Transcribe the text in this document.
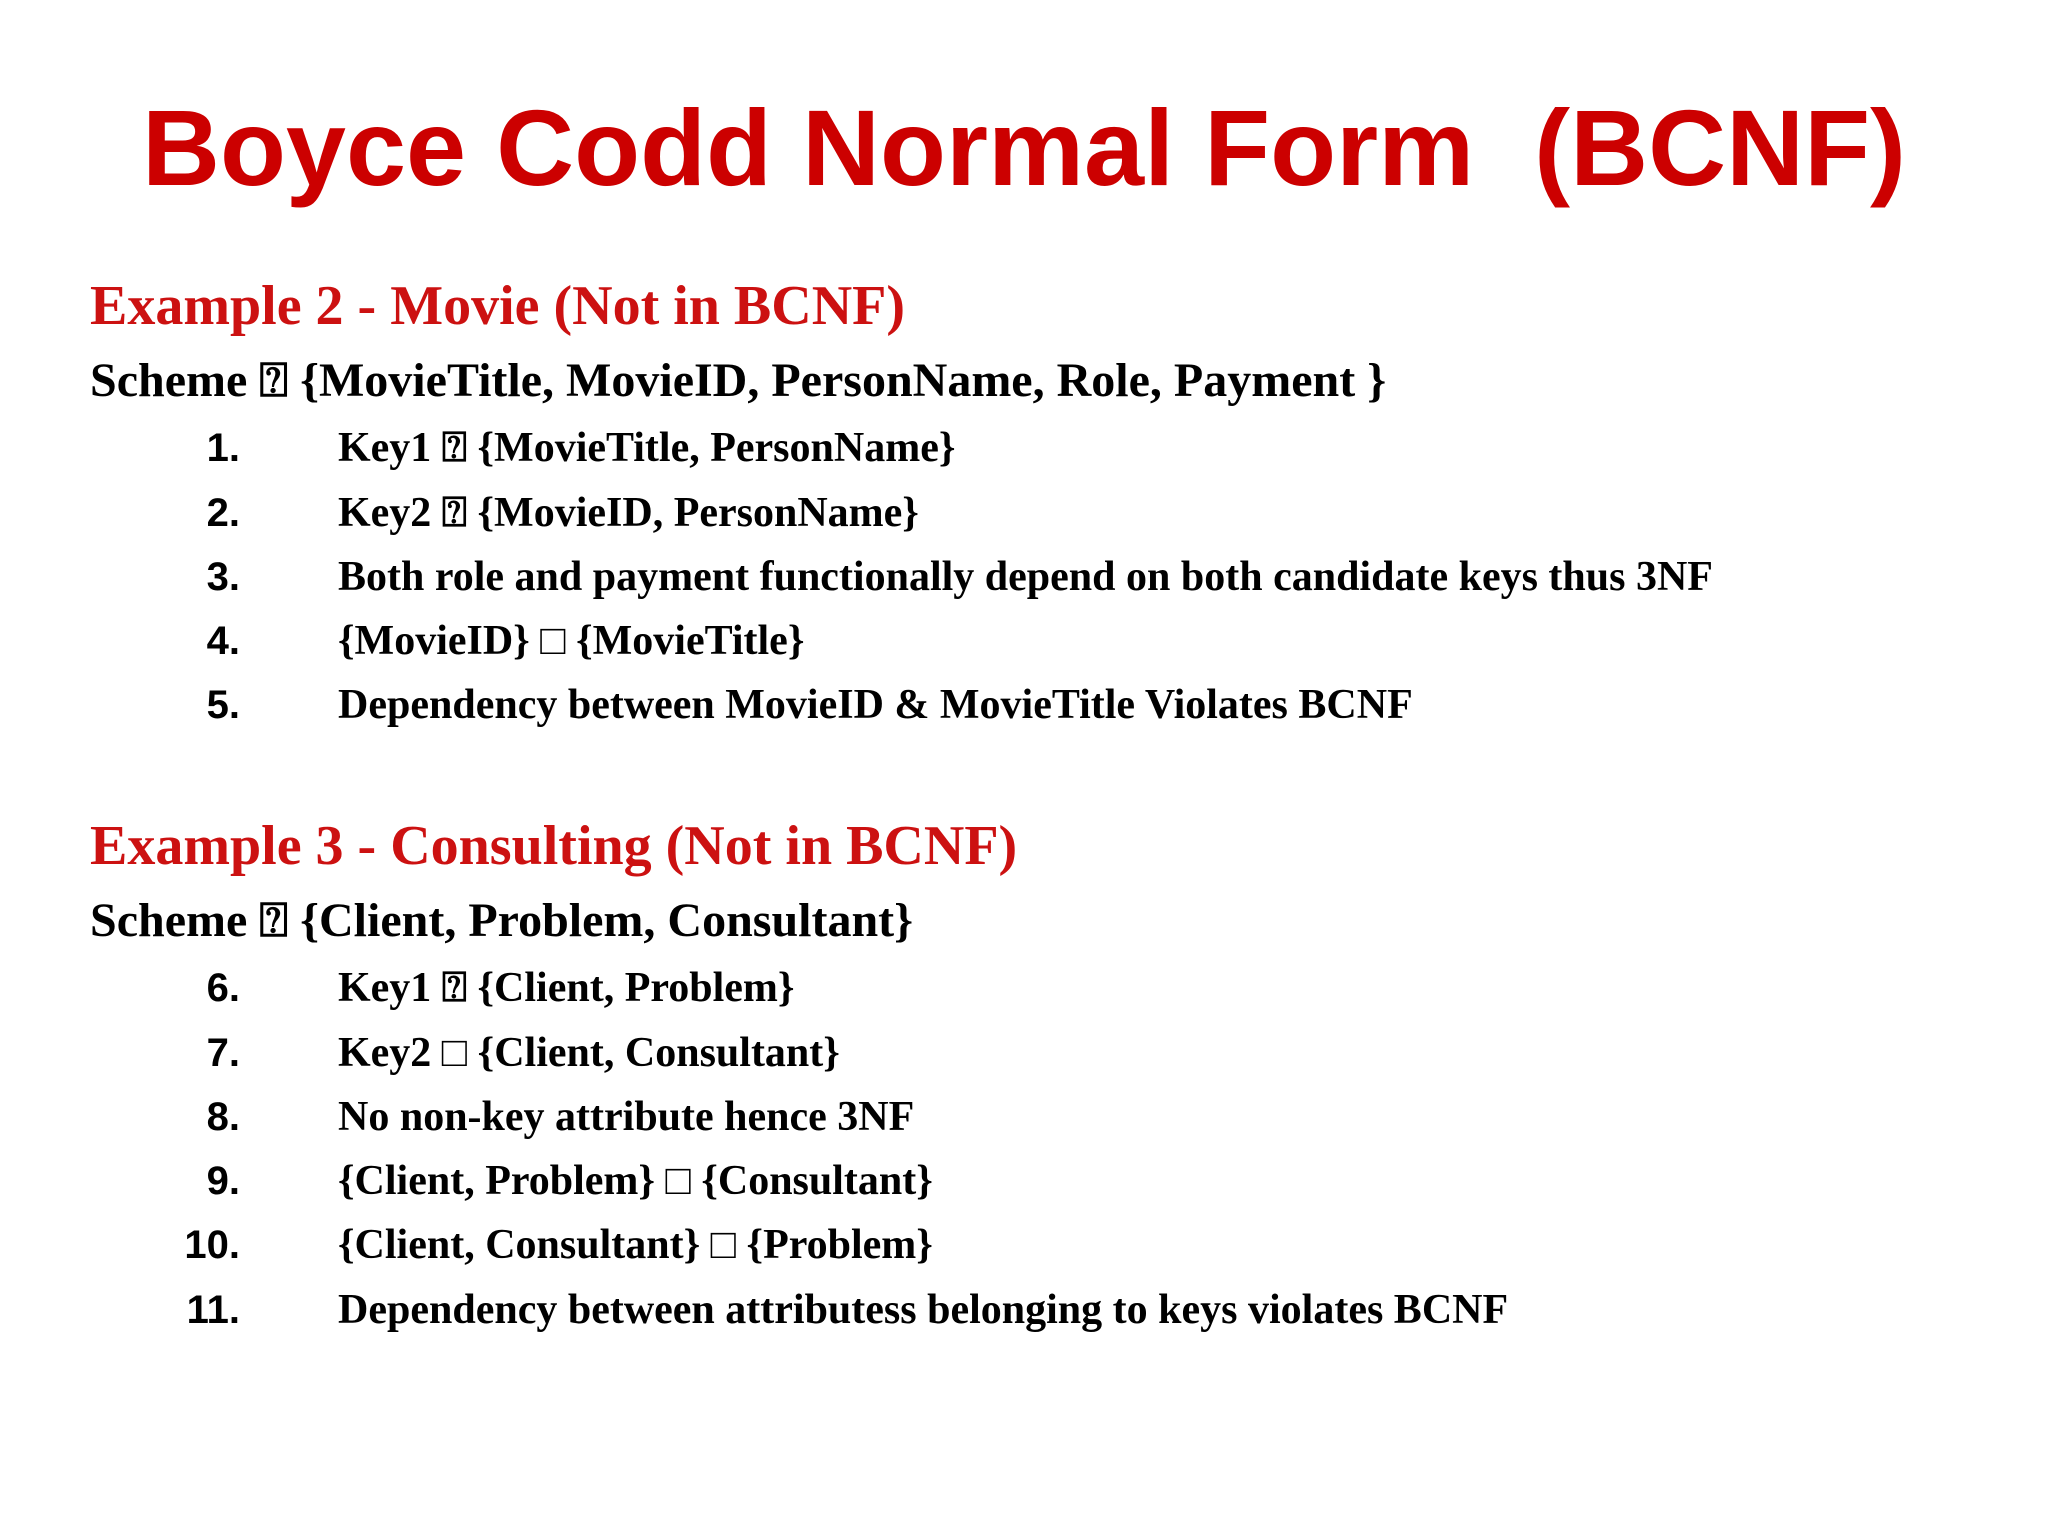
Boyce Codd Normal Form  (BCNF)
Example 2 - Movie (Not in BCNF)
Scheme ⍰ {MovieTitle, MovieID, PersonName, Role, Payment }
1. Key1 ⍰ {MovieTitle, PersonName}
2. Key2 ⍰ {MovieID, PersonName}
3. Both role and payment functionally depend on both candidate keys thus 3NF
4. {MovieID} □ {MovieTitle}
5. Dependency between MovieID & MovieTitle Violates BCNF
Example 3 - Consulting (Not in BCNF)
Scheme ⍰ {Client, Problem, Consultant}
6. Key1 ⍰ {Client, Problem}
7. Key2 □ {Client, Consultant}
8. No non-key attribute hence 3NF
9. {Client, Problem} □ {Consultant}
10. {Client, Consultant} □ {Problem}
11. Dependency between attributess belonging to keys violates BCNF
